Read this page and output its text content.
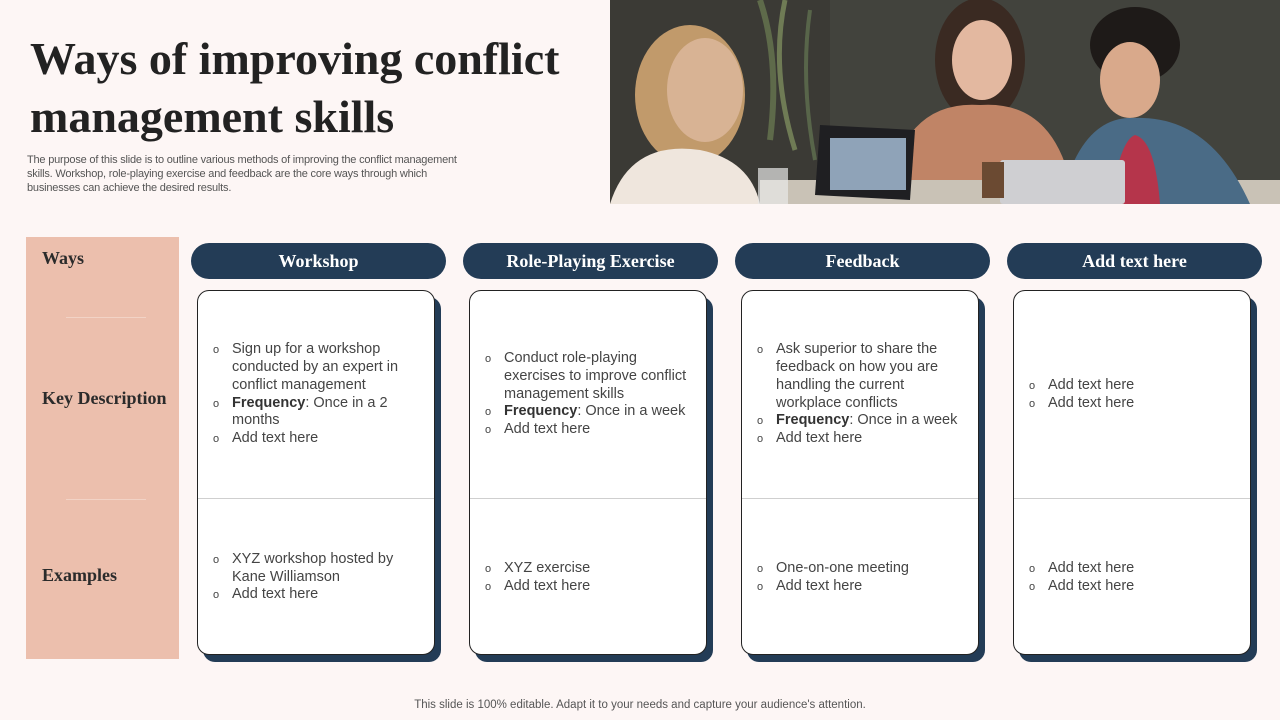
Ways of improving conflict management skills

The purpose of this slide is to outline various methods of improving the conflict management skills. Workshop, role-playing exercise and feedback are the core ways through which businesses can achieve the desired results.

Ways
Key Description
Examples
Workshop
o Sign up for a workshop conducted by an expert in conflict management
o Frequency: Once in a 2 months
o Add text here
o XYZ workshop hosted by Kane Williamson
o Add text here
Role-Playing Exercise
o Conduct role-playing exercises to improve conflict management skills
o Frequency: Once in a week
o Add text here
o XYZ exercise
o Add text here
Feedback
o Ask superior to share the feedback on how you are handling the current workplace conflicts
o Frequency: Once in a week
o Add text here
o One-on-one meeting
o Add text here
Add text here
o Add text here
o Add text here
o Add text here
o Add text here
This slide is 100% editable. Adapt it to your needs and capture your audience's attention.
